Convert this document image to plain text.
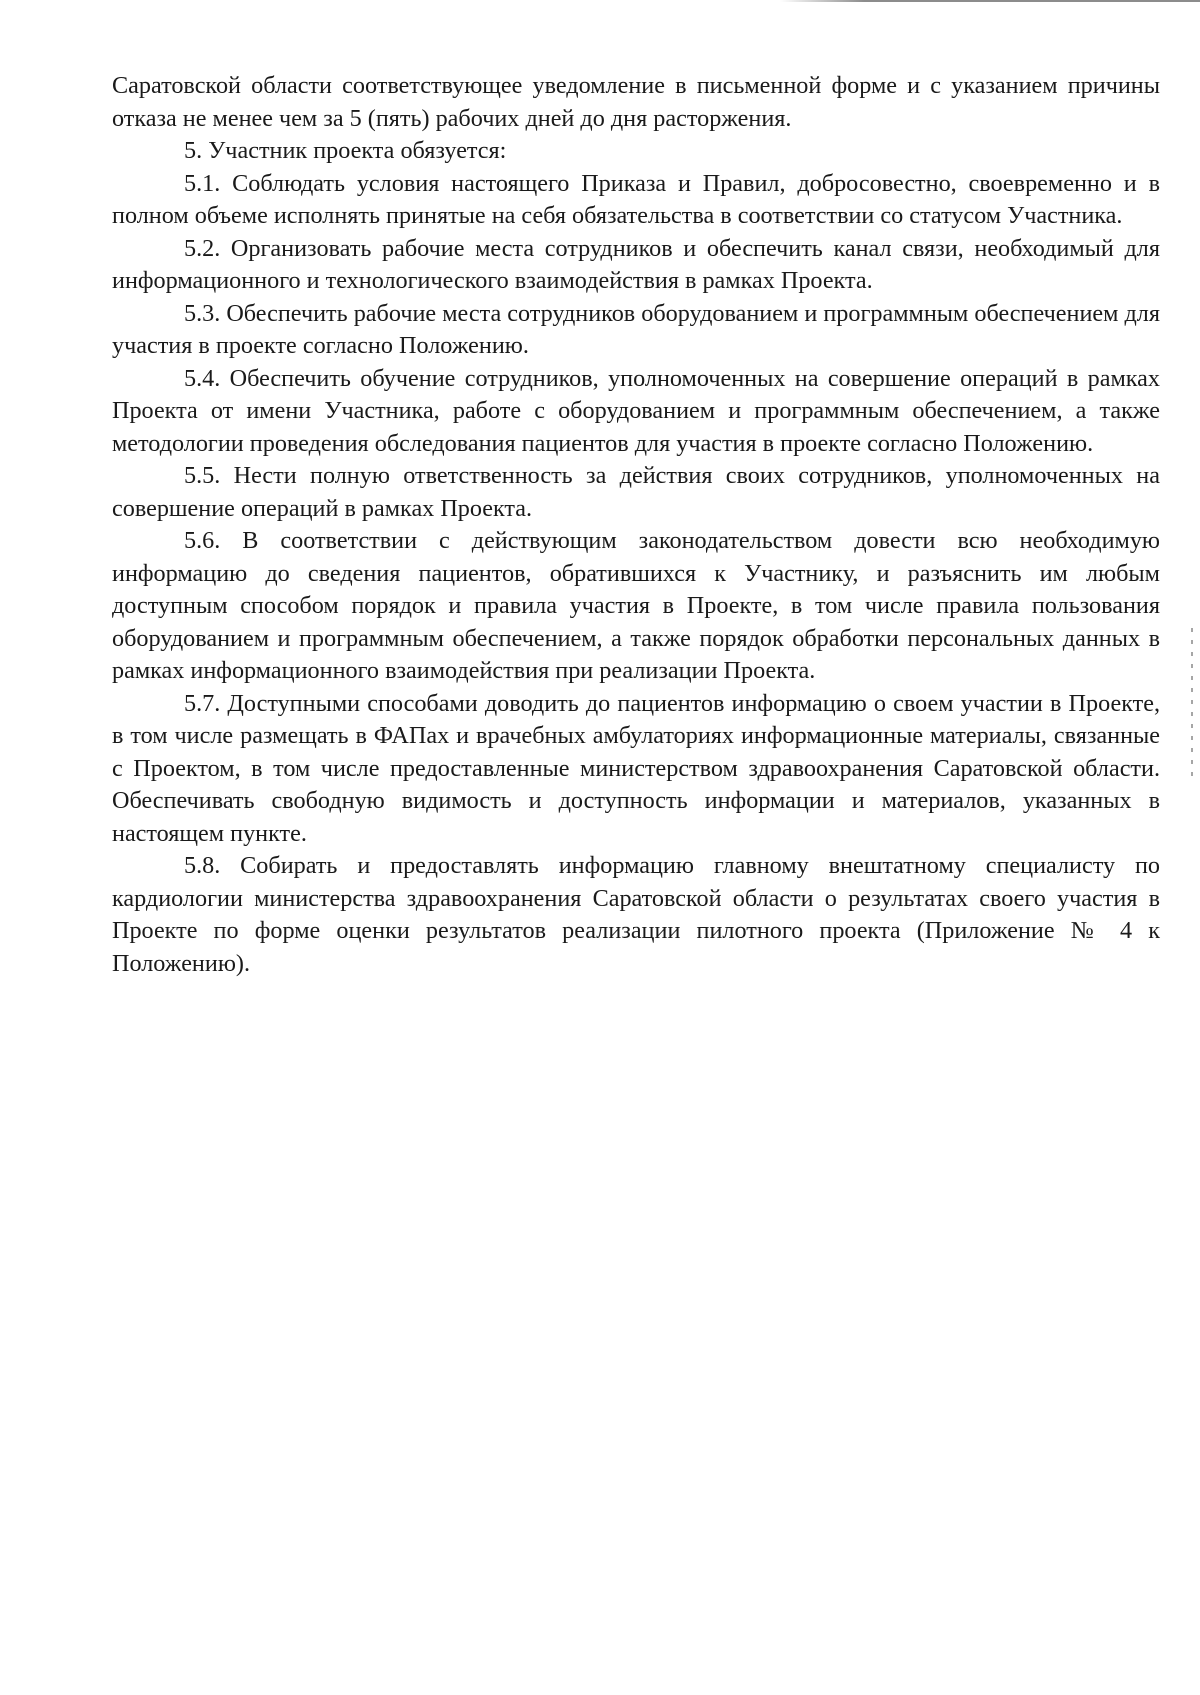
Саратовской области соответствующее уведомление в письменной форме и с указанием причины отказа не менее чем за 5 (пять) рабочих дней до дня расторжения.

5. Участник проекта обязуется:

5.1. Соблюдать условия настоящего Приказа и Правил, добросовестно, своевременно и в полном объеме исполнять принятые на себя обязательства в соответствии со статусом Участника.

5.2. Организовать рабочие места сотрудников и обеспечить канал связи, необходимый для информационного и технологического взаимодействия в рамках Проекта.

5.3. Обеспечить рабочие места сотрудников оборудованием и программным обеспечением для участия в проекте согласно Положению.

5.4. Обеспечить обучение сотрудников, уполномоченных на совершение операций в рамках Проекта от имени Участника, работе с оборудованием и программным обеспечением, а также методологии проведения обследования пациентов для участия в проекте согласно Положению.

5.5. Нести полную ответственность за действия своих сотрудников, уполномоченных на совершение операций в рамках Проекта.

5.6. В соответствии с действующим законодательством довести всю необходимую информацию до сведения пациентов, обратившихся к Участнику, и разъяснить им любым доступным способом порядок и правила участия в Проекте, в том числе правила пользования оборудованием и программным обеспечением, а также порядок обработки персональных данных в рамках информационного взаимодействия при реализации Проекта.

5.7. Доступными способами доводить до пациентов информацию о своем участии в Проекте, в том числе размещать в ФАПах и врачебных амбулаториях информационные материалы, связанные с Проектом, в том числе предоставленные министерством здравоохранения Саратовской области. Обеспечивать свободную видимость и доступность информации и материалов, указанных в настоящем пункте.

5.8. Собирать и предоставлять информацию главному внештатному специалисту по кардиологии министерства здравоохранения Саратовской области о результатах своего участия в Проекте по форме оценки результатов реализации пилотного проекта (Приложение № 4 к Положению).
